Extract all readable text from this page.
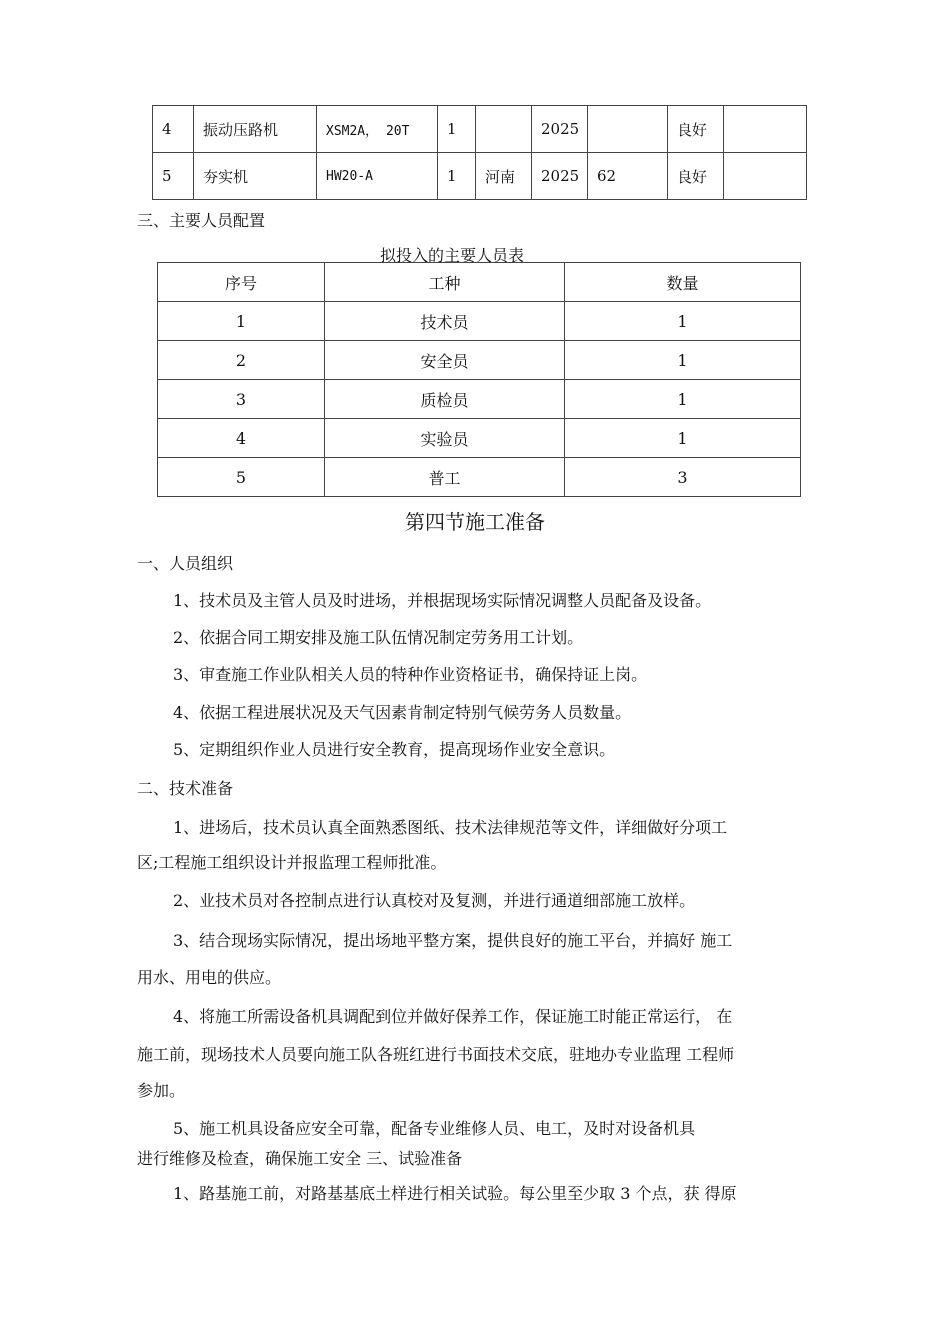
4	振动压路机	XSM2A， 20T	1		2025		良好	
5	夯实机	HW20-A	1	河南	2025	62	良好	
三、主要人员配置
拟投入的主要人员表
序号	工种	数量
1	技术员	1
2	安全员	1
3	质检员	1
4	实验员	1
5	普工	3
第四节施工准备
一、人员组织
1、技术员及主管人员及时进场，并根据现场实际情况调整人员配备及设备。
2、依据合同工期安排及施工队伍情况制定劳务用工计划。
3、审查施工作业队相关人员的特种作业资格证书，确保持证上岗。
4、依据工程进展状况及天气因素肯制定特别气候劳务人员数量。
5、定期组织作业人员进行安全教育，提高现场作业安全意识。
二、技术准备
1、进场后，技术员认真全面熟悉图纸、技术法律规范等文件，详细做好分项工
区;工程施工组织设计并报监理工程师批准。
2、业技术员对各控制点进行认真校对及复测，并进行通道细部施工放样。
3、结合现场实际情况，提出场地平整方案，提供良好的施工平台，并搞好 施工
用水、用电的供应。
4、将施工所需设备机具调配到位并做好保养工作，保证施工时能正常运行， 在
施工前，现场技术人员要向施工队各班红进行书面技术交底，驻地办专业监理 工程师
参加。
5、施工机具设备应安全可靠，配备专业维修人员、电工，及时对设备机具
进行维修及检查，确保施工安全 三、试验准备
1、路基施工前，对路基基底土样进行相关试验。每公里至少取 3 个点，获 得原
